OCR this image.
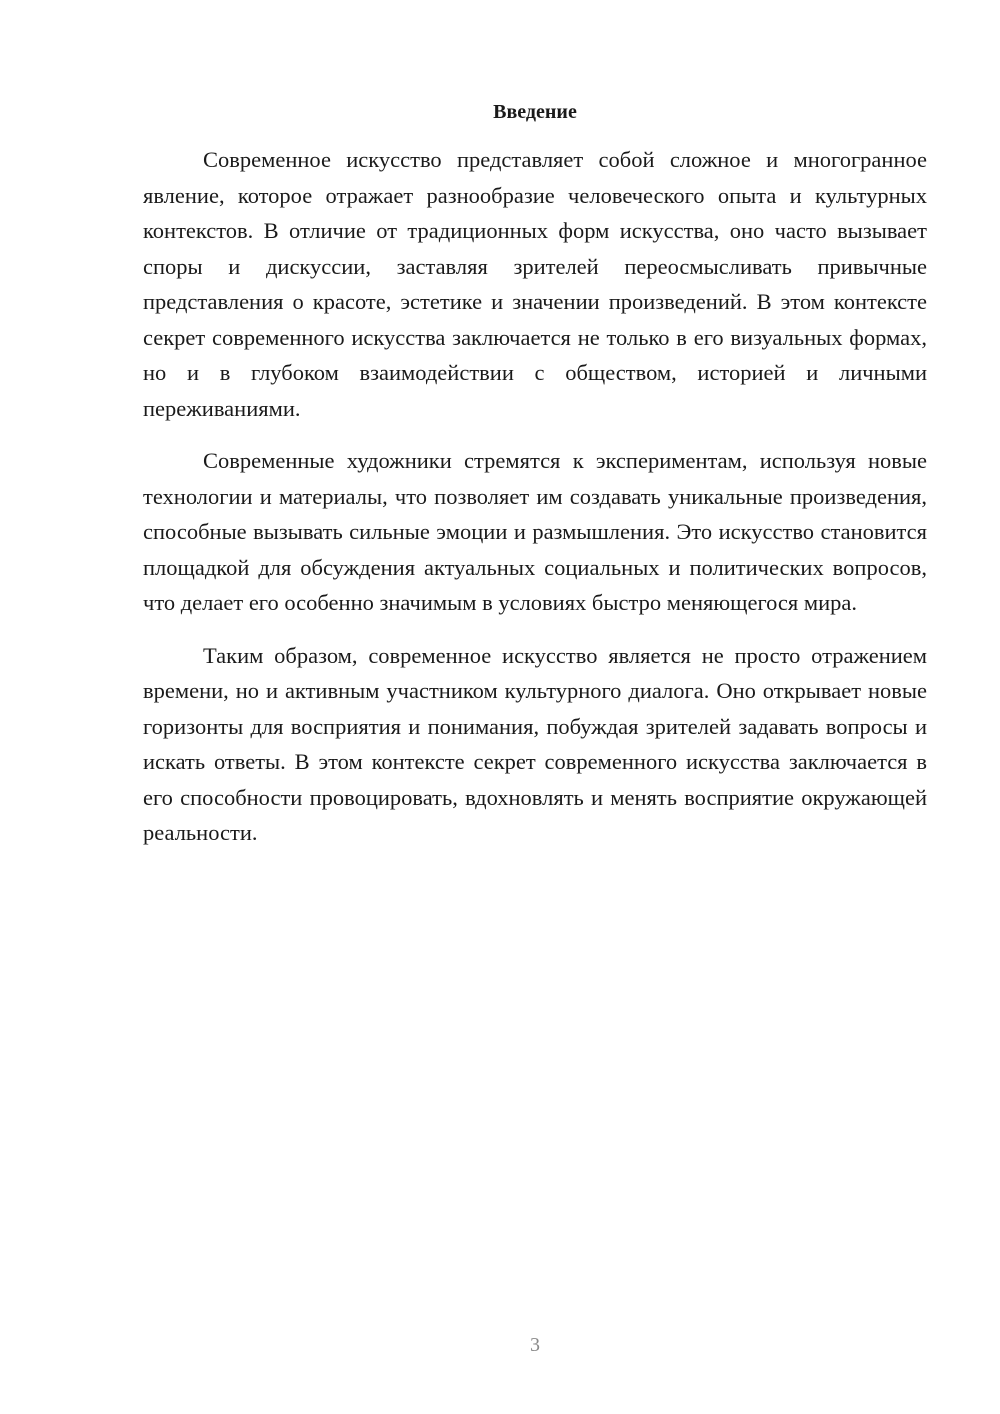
Введение

Современное искусство представляет собой сложное и многогранное явление, которое отражает разнообразие человеческого опыта и культурных контекстов. В отличие от традиционных форм искусства, оно часто вызывает споры и дискуссии, заставляя зрителей переосмысливать привычные представления о красоте, эстетике и значении произведений. В этом контексте секрет современного искусства заключается не только в его визуальных формах, но и в глубоком взаимодействии с обществом, историей и личными переживаниями.

Современные художники стремятся к экспериментам, используя новые технологии и материалы, что позволяет им создавать уникальные произведения, способные вызывать сильные эмоции и размышления. Это искусство становится площадкой для обсуждения актуальных социальных и политических вопросов, что делает его особенно значимым в условиях быстро меняющегося мира.

Таким образом, современное искусство является не просто отражением времени, но и активным участником культурного диалога. Оно открывает новые горизонты для восприятия и понимания, побуждая зрителей задавать вопросы и искать ответы. В этом контексте секрет современного искусства заключается в его способности провоцировать, вдохновлять и менять восприятие окружающей реальности.

3
